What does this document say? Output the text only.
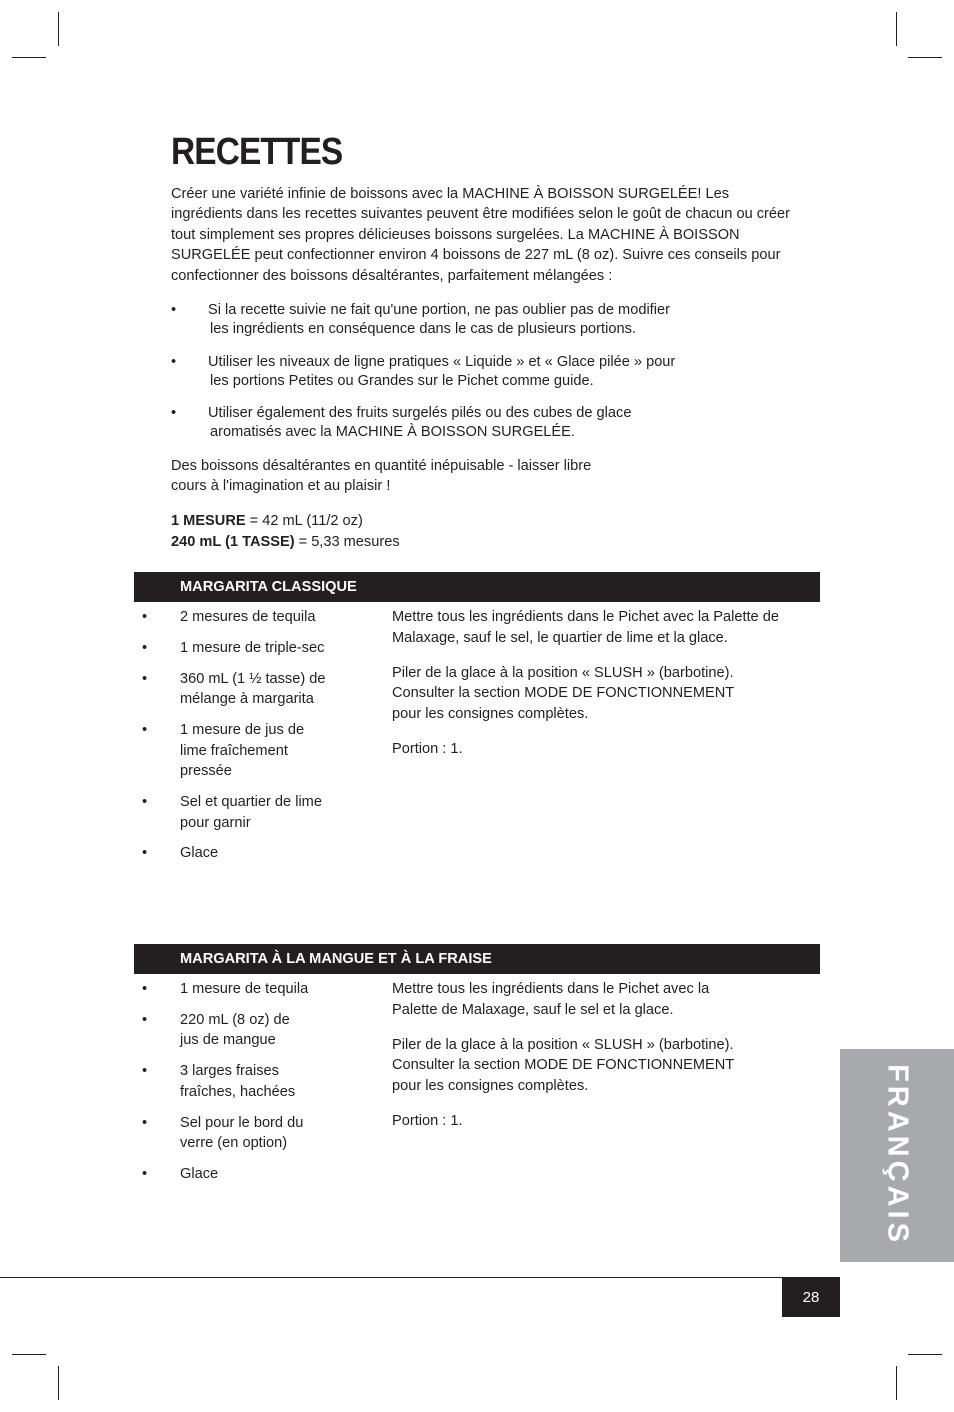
RECETTES

Créer une variété infinie de boissons avec la MACHINE À BOISSON SURGELÉE! Les ingrédients dans les recettes suivantes peuvent être modifiées selon le goût de chacun ou créer tout simplement ses propres délicieuses boissons surgelées. La MACHINE À BOISSON SURGELÉE peut confectionner environ 4 boissons de 227 mL (8 oz). Suivre ces conseils pour confectionner des boissons désaltérantes, parfaitement mélangées :

• Si la recette suivie ne fait qu'une portion, ne pas oublier pas de modifier
les ingrédients en conséquence dans le cas de plusieurs portions.
• Utiliser les niveaux de ligne pratiques « Liquide » et « Glace pilée » pour
les portions Petites ou Grandes sur le Pichet comme guide.
• Utiliser également des fruits surgelés pilés ou des cubes de glace
aromatisés avec la MACHINE À BOISSON SURGELÉE.

Des boissons désaltérantes en quantité inépuisable - laisser libre cours à l'imagination et au plaisir !

1 MESURE = 42 mL (11/2 oz)
240 mL (1 TASSE) = 5,33 mesures

MARGARITA CLASSIQUE
• 2 mesures de tequila
• 1 mesure de triple-sec
• 360 mL (1 ½ tasse) de mélange à margarita
• 1 mesure de jus de lime fraîchement pressée
• Sel et quartier de lime pour garnir
• Glace

Mettre tous les ingrédients dans le Pichet avec la Palette de Malaxage, sauf le sel, le quartier de lime et la glace.

Piler de la glace à la position « SLUSH » (barbotine). Consulter la section MODE DE FONCTIONNEMENT pour les consignes complètes.

Portion : 1.

MARGARITA À LA MANGUE ET À LA FRAISE
• 1 mesure de tequila
• 220 mL (8 oz) de jus de mangue
• 3 larges fraises fraîches, hachées
• Sel pour le bord du verre (en option)
• Glace

Mettre tous les ingrédients dans le Pichet avec la Palette de Malaxage, sauf le sel et la glace.

Piler de la glace à la position « SLUSH » (barbotine). Consulter la section MODE DE FONCTIONNEMENT pour les consignes complètes.

Portion : 1.	FRANÇAIS
28
